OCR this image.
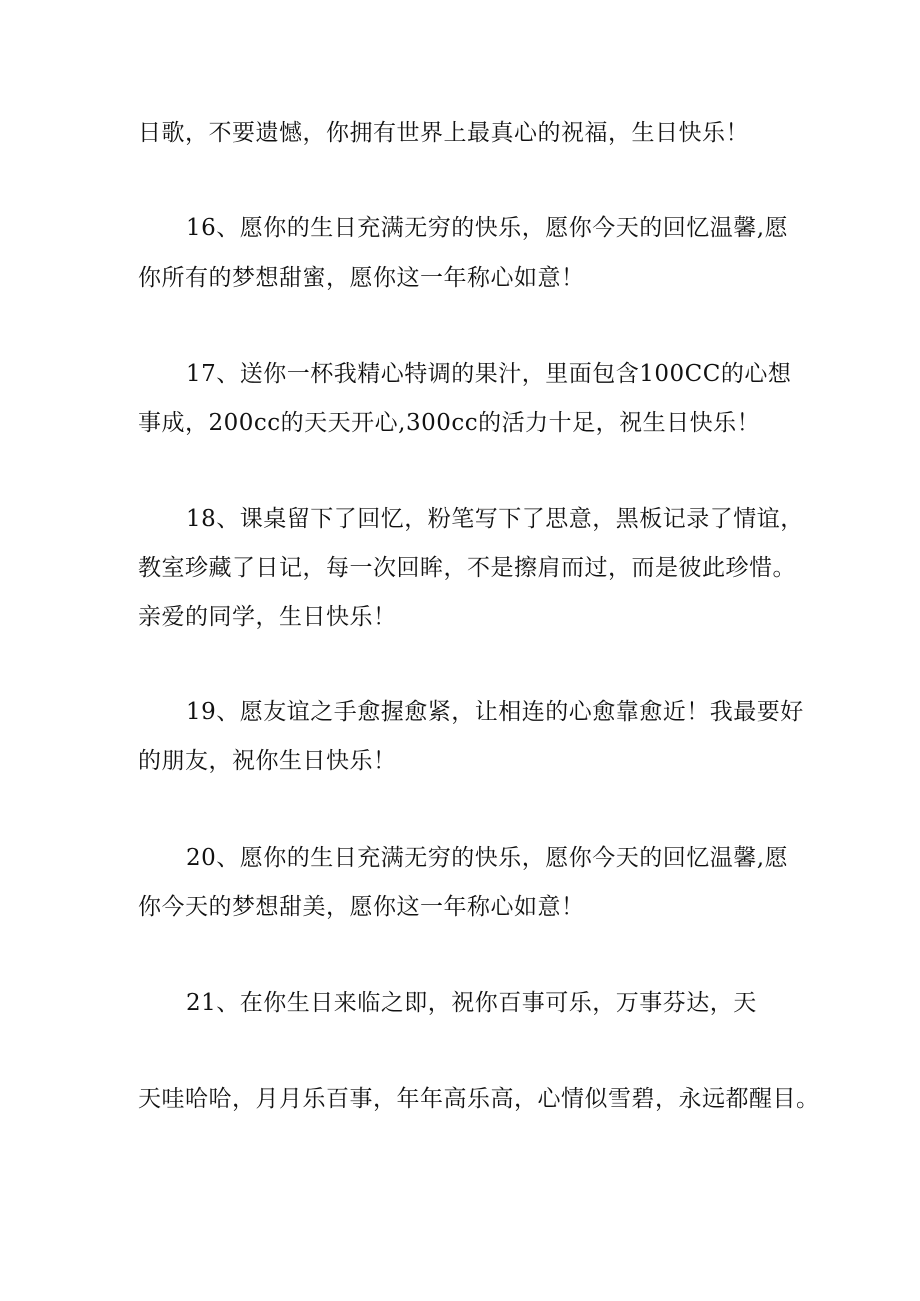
日歌，不要遗憾，你拥有世界上最真心的祝福，生日快乐！
16、愿你的生日充满无穷的快乐，愿你今天的回忆温馨,愿
你所有的梦想甜蜜，愿你这一年称心如意！
17、送你一杯我精心特调的果汁，里面包含100CC的心想
事成，200cc的天天开心,300cc的活力十足，祝生日快乐！
18、课桌留下了回忆，粉笔写下了思意，黑板记录了情谊，
教室珍藏了日记，每一次回眸，不是擦肩而过，而是彼此珍惜。
亲爱的同学，生日快乐！
19、愿友谊之手愈握愈紧，让相连的心愈靠愈近！我最要好
的朋友，祝你生日快乐！
20、愿你的生日充满无穷的快乐，愿你今天的回忆温馨,愿
你今天的梦想甜美，愿你这一年称心如意！
21、在你生日来临之即，祝你百事可乐，万事芬达，天
天哇哈哈，月月乐百事，年年高乐高，心情似雪碧，永远都醒目。
